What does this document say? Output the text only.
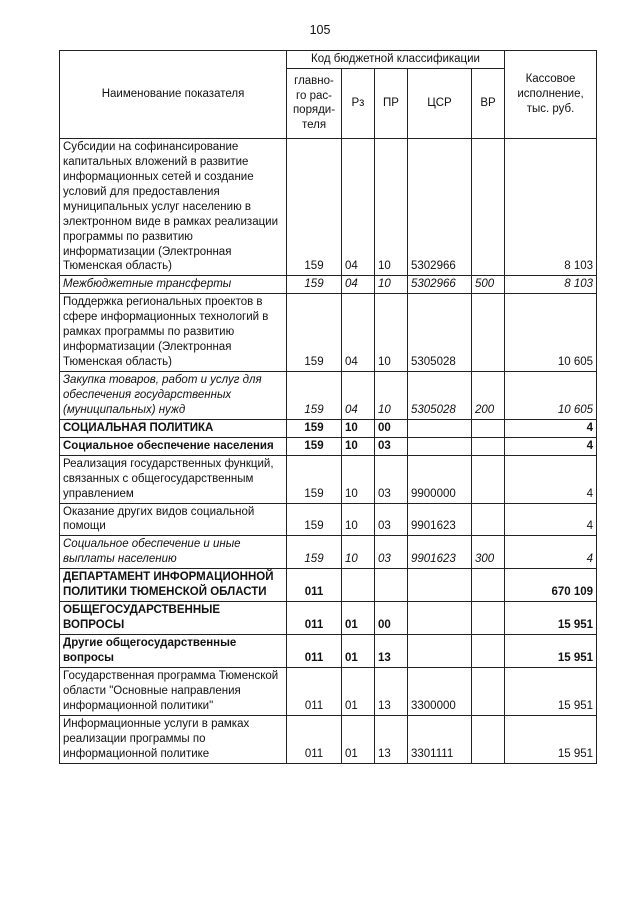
105
Наименование показателя	Код бюджетной классификации					Кассовое исполнение, тыс. руб.
	главно-го рас-поряди-теля	Рз	ПР	ЦСР	ВР	
Субсидии на софинансирование капитальных вложений в развитие информационных сетей и создание условий для предоставления муниципальных услуг населению в электронном виде в рамках реализации программы по развитию информатизации (Электронная Тюменская область)	159	04	10	5302966		8 103
Межбюджетные трансферты	159	04	10	5302966	500	8 103
Поддержка региональных проектов в сфере информационных технологий в рамках программы по развитию информатизации (Электронная Тюменская область)	159	04	10	5305028		10 605
Закупка товаров, работ и услуг для обеспечения государственных (муниципальных) нужд	159	04	10	5305028	200	10 605
СОЦИАЛЬНАЯ ПОЛИТИКА	159	10	00			4
Социальное обеспечение населения	159	10	03			4
Реализация государственных функций, связанных с общегосударственным управлением	159	10	03	9900000		4
Оказание других видов социальной помощи	159	10	03	9901623		4
Социальное обеспечение и иные выплаты населению	159	10	03	9901623	300	4
ДЕПАРТАМЕНТ ИНФОРМАЦИОННОЙ ПОЛИТИКИ ТЮМЕНСКОЙ ОБЛАСТИ	011					670 109
ОБЩЕГОСУДАРСТВЕННЫЕ ВОПРОСЫ	011	01	00			15 951
Другие общегосударственные вопросы	011	01	13			15 951
Государственная программа Тюменской области "Основные направления информационной политики"	011	01	13	3300000		15 951
Информационные услуги в рамках реализации программы по информационной политике	011	01	13	3301111		15 951
